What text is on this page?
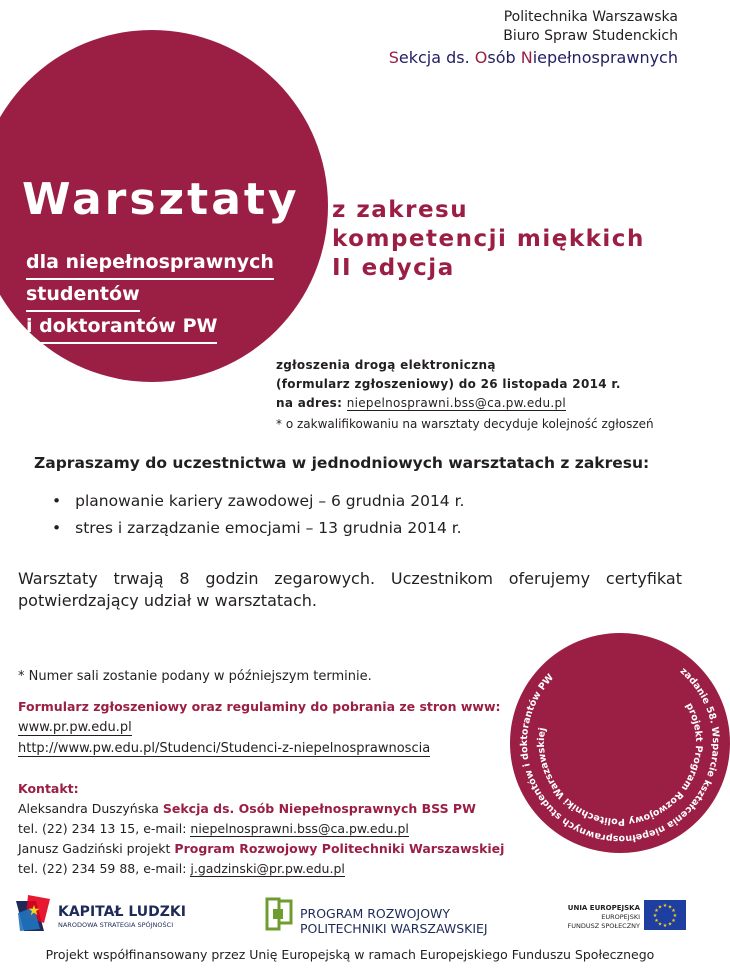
Politechnika Warszawska
Biuro Spraw Studenckich
Sekcja ds. Osób Niepełnosprawnych
Warsztaty
dla niepełnosprawnych
studentów
i doktorantów PW
z zakresu
kompetencji miękkich
II edycja
zgłoszenia drogą elektroniczną
(formularz zgłoszeniowy) do 26 listopada 2014 r.
na adres: niepelnosprawni.bss@ca.pw.edu.pl
* o zakwalifikowaniu na warsztaty decyduje kolejność zgłoszeń
Zapraszamy do uczestnictwa w jednodniowych warsztatach z zakresu:
• planowanie kariery zawodowej – 6 grudnia 2014 r.
• stres i zarządzanie emocjami – 13 grudnia 2014 r.
Warsztaty trwają 8 godzin zegarowych. Uczestnikom oferujemy certyfikat potwierdzający udział w warsztatach.
* Numer sali zostanie podany w późniejszym terminie.
Formularz zgłoszeniowy oraz regulaminy do pobrania ze stron www:
www.pr.pw.edu.pl
http://www.pw.edu.pl/Studenci/Studenci-z-niepelnosprawnoscia
Kontakt:
Aleksandra Duszyńska Sekcja ds. Osób Niepełnosprawnych BSS PW
tel. (22) 234 13 15, e-mail: niepelnosprawni.bss@ca.pw.edu.pl
Janusz Gadziński projekt Program Rozwojowy Politechniki Warszawskiej
tel. (22) 234 59 88, e-mail: j.gadzinski@pr.pw.edu.pl
zadanie 58. Wsparcie kształcenia niepełnosprawnych studentów i doktorantów PW
projekt Program Rozwojowy Politechniki Warszawskiej
★ KAPITAŁ LUDZKI
NARODOWA STRATEGIA SPÓJNOŚCI
PROGRAM ROZWOJOWY
POLITECHNIKI WARSZAWSKIEJ
UNIA EUROPEJSKA
EUROPEJSKI
FUNDUSZ SPOŁECZNY
★ ★
★
★
★
★
★
★
★
★
★
★
Projekt współfinansowany przez Unię Europejską w ramach Europejskiego Funduszu Społecznego
